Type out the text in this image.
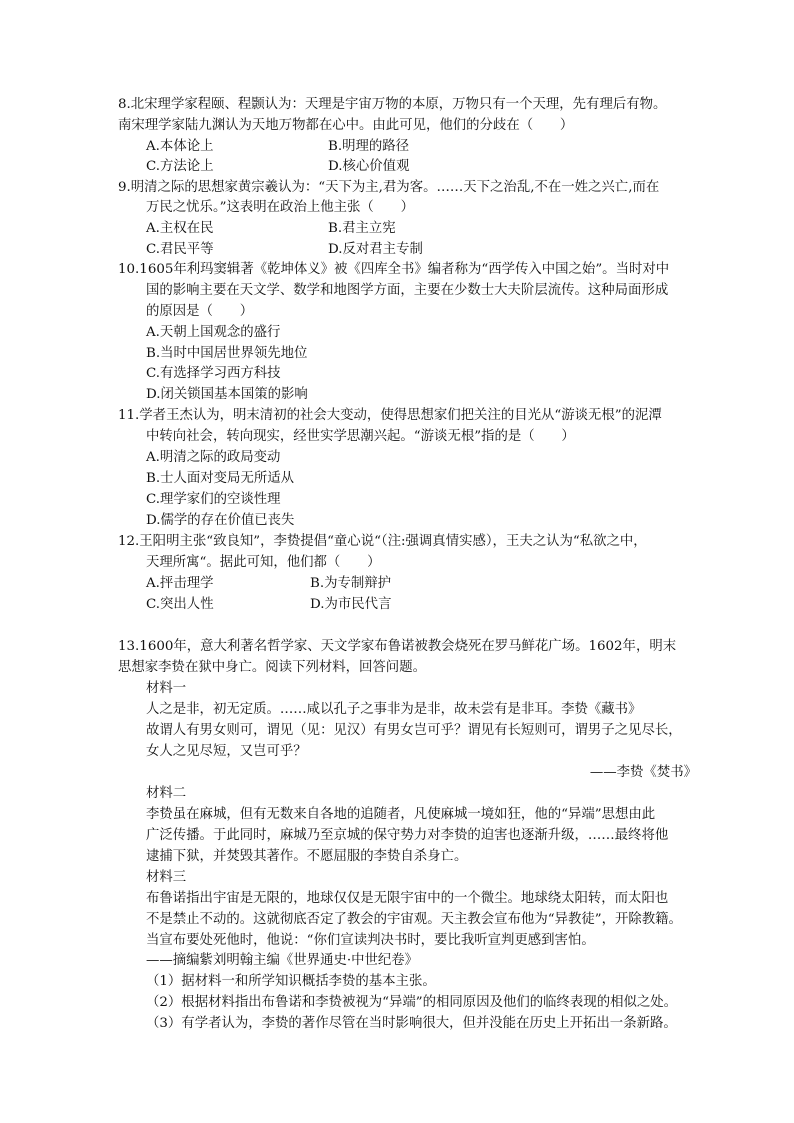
8.北宋理学家程颐、程颢认为：天理是宇宙万物的本原，万物只有一个天理，先有理后有物。
南宋理学家陆九渊认为天地万物都在心中。由此可见，他们的分歧在（　　）
A.本体论上	B.明理的路径
C.方法论上	D.核心价值观
9.明清之际的思想家黄宗羲认为：“天下为主,君为客。……天下之治乱,不在一姓之兴亡,而在
万民之忧乐。”这表明在政治上他主张（　　）
A.主权在民	B.君主立宪
C.君民平等	D.反对君主专制
10.1605年利玛窦辑著《乾坤体义》被《四库全书》编者称为“西学传入中国之始”。当时对中
国的影响主要在天文学、数学和地图学方面，主要在少数士大夫阶层流传。这种局面形成
的原因是（　　）
A.天朝上国观念的盛行
B.当时中国居世界领先地位
C.有选择学习西方科技
D.闭关锁国基本国策的影响
11.学者王杰认为，明末清初的社会大变动，使得思想家们把关注的目光从“游谈无根”的泥潭
中转向社会，转向现实，经世实学思潮兴起。“游谈无根”指的是（　　）
A.明清之际的政局变动
B.士人面对变局无所适从
C.理学家们的空谈性理
D.儒学的存在价值已丧失
12.王阳明主张“致良知”，李贽提倡“童心说“（注:强调真情实感），王夫之认为“私欲之中，
天理所寓“。据此可知，他们都（　　）
A.抨击理学	B.为专制辩护
C.突出人性	D.为市民代言
13.1600年，意大利著名哲学家、天文学家布鲁诺被教会烧死在罗马鲜花广场。1602年，明末
思想家李贽在狱中身亡。阅读下列材料，回答问题。
材料一
人之是非，初无定质。……咸以孔子之事非为是非，故未尝有是非耳。李贽《藏书》
故谓人有男女则可，谓见（见：见汉）有男女岂可乎？谓见有长短则可，谓男子之见尽长，
女人之见尽短，又岂可乎？
——李贽《焚书》
材料二
李贽虽在麻城，但有无数来自各地的追随者，凡使麻城一境如狂，他的“异端”思想由此
广泛传播。于此同时，麻城乃至京城的保守势力对李贽的迫害也逐渐升级，……最终将他
逮捕下狱，并焚毁其著作。不愿屈服的李贽自杀身亡。
材料三
布鲁诺指出宇宙是无限的，地球仅仅是无限宇宙中的一个微尘。地球绕太阳转，而太阳也
不是禁止不动的。这就彻底否定了教会的宇宙观。天主教会宣布他为“异教徒”，开除教籍。
当宣布要处死他时，他说：“你们宣读判决书时，要比我听宣判更感到害怕。
——摘编紫刘明翰主编《世界通史·中世纪卷》
（1）据材料一和所学知识概括李贽的基本主张。
（2）根据材料指出布鲁诺和李贽被视为“异端”的相同原因及他们的临终表现的相似之处。
（3）有学者认为，李贽的著作尽管在当时影响很大，但并没能在历史上开拓出一条新路。
